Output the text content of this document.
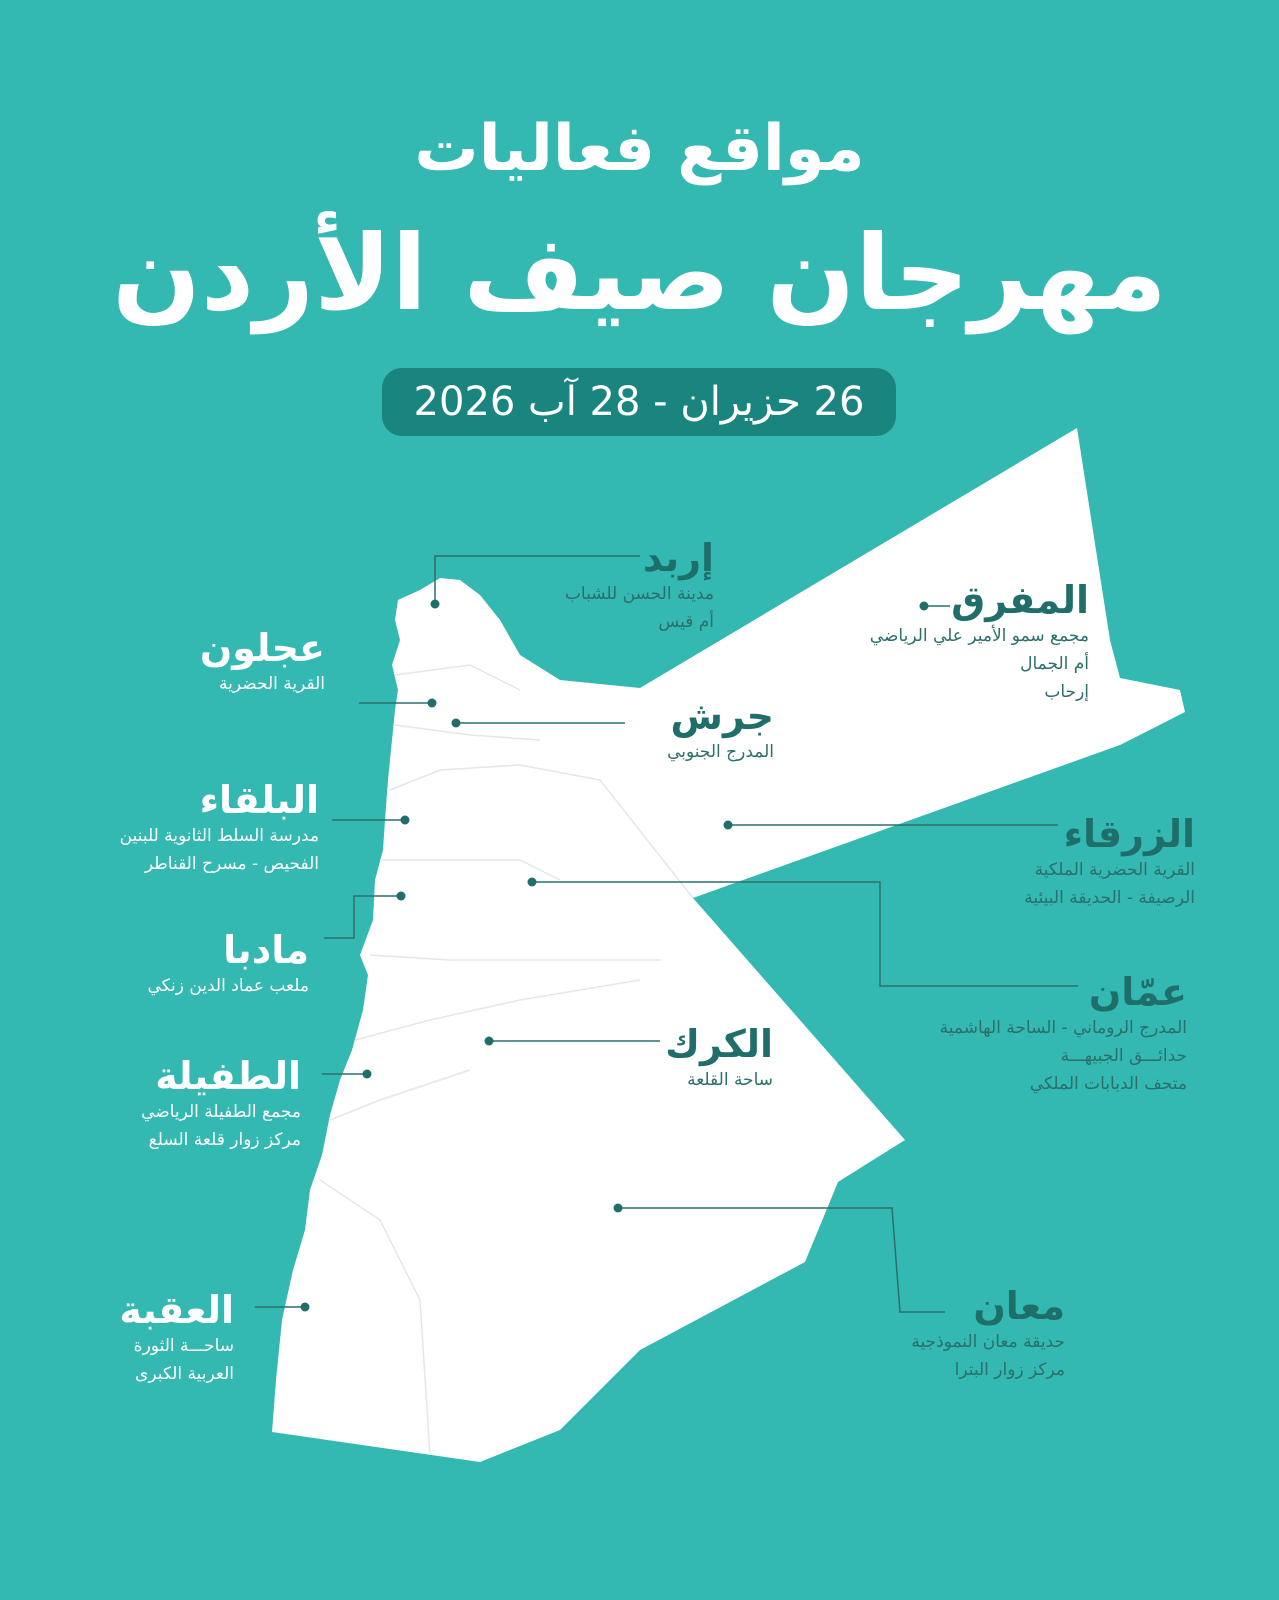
مواقع فعاليات
مهرجان صيف الأردن
26 حزيران - 28 آب 2026
إربد
مدينة الحسن للشباب
أم قيس	المفرق
مجمع سمو الأمير علي الرياضي
أم الجمال
إرحاب
عجلون
القرية الحضرية
جرش
المدرج الجنوبي
البلقاء
مدرسة السلط الثانوية للبنين
الفحيص - مسرح القناطر
الزرقاء
القرية الحضرية الملكية
الرصيفة - الحديقة البيئية
مادبا
ملعب عماد الدين زنكي	عمّان
المدرج الروماني - الساحة الهاشمية
حدائـــق الجبيهـــة
متحف الدبابات الملكي
الكرك
ساحة القلعة
الطفيلة
مجمع الطفيلة الرياضي
مركز زوار قلعة السلع
معان
حديقة معان النموذجية
مركز زوار البترا
العقبة
ساحـــة الثورة
العربية الكبرى
